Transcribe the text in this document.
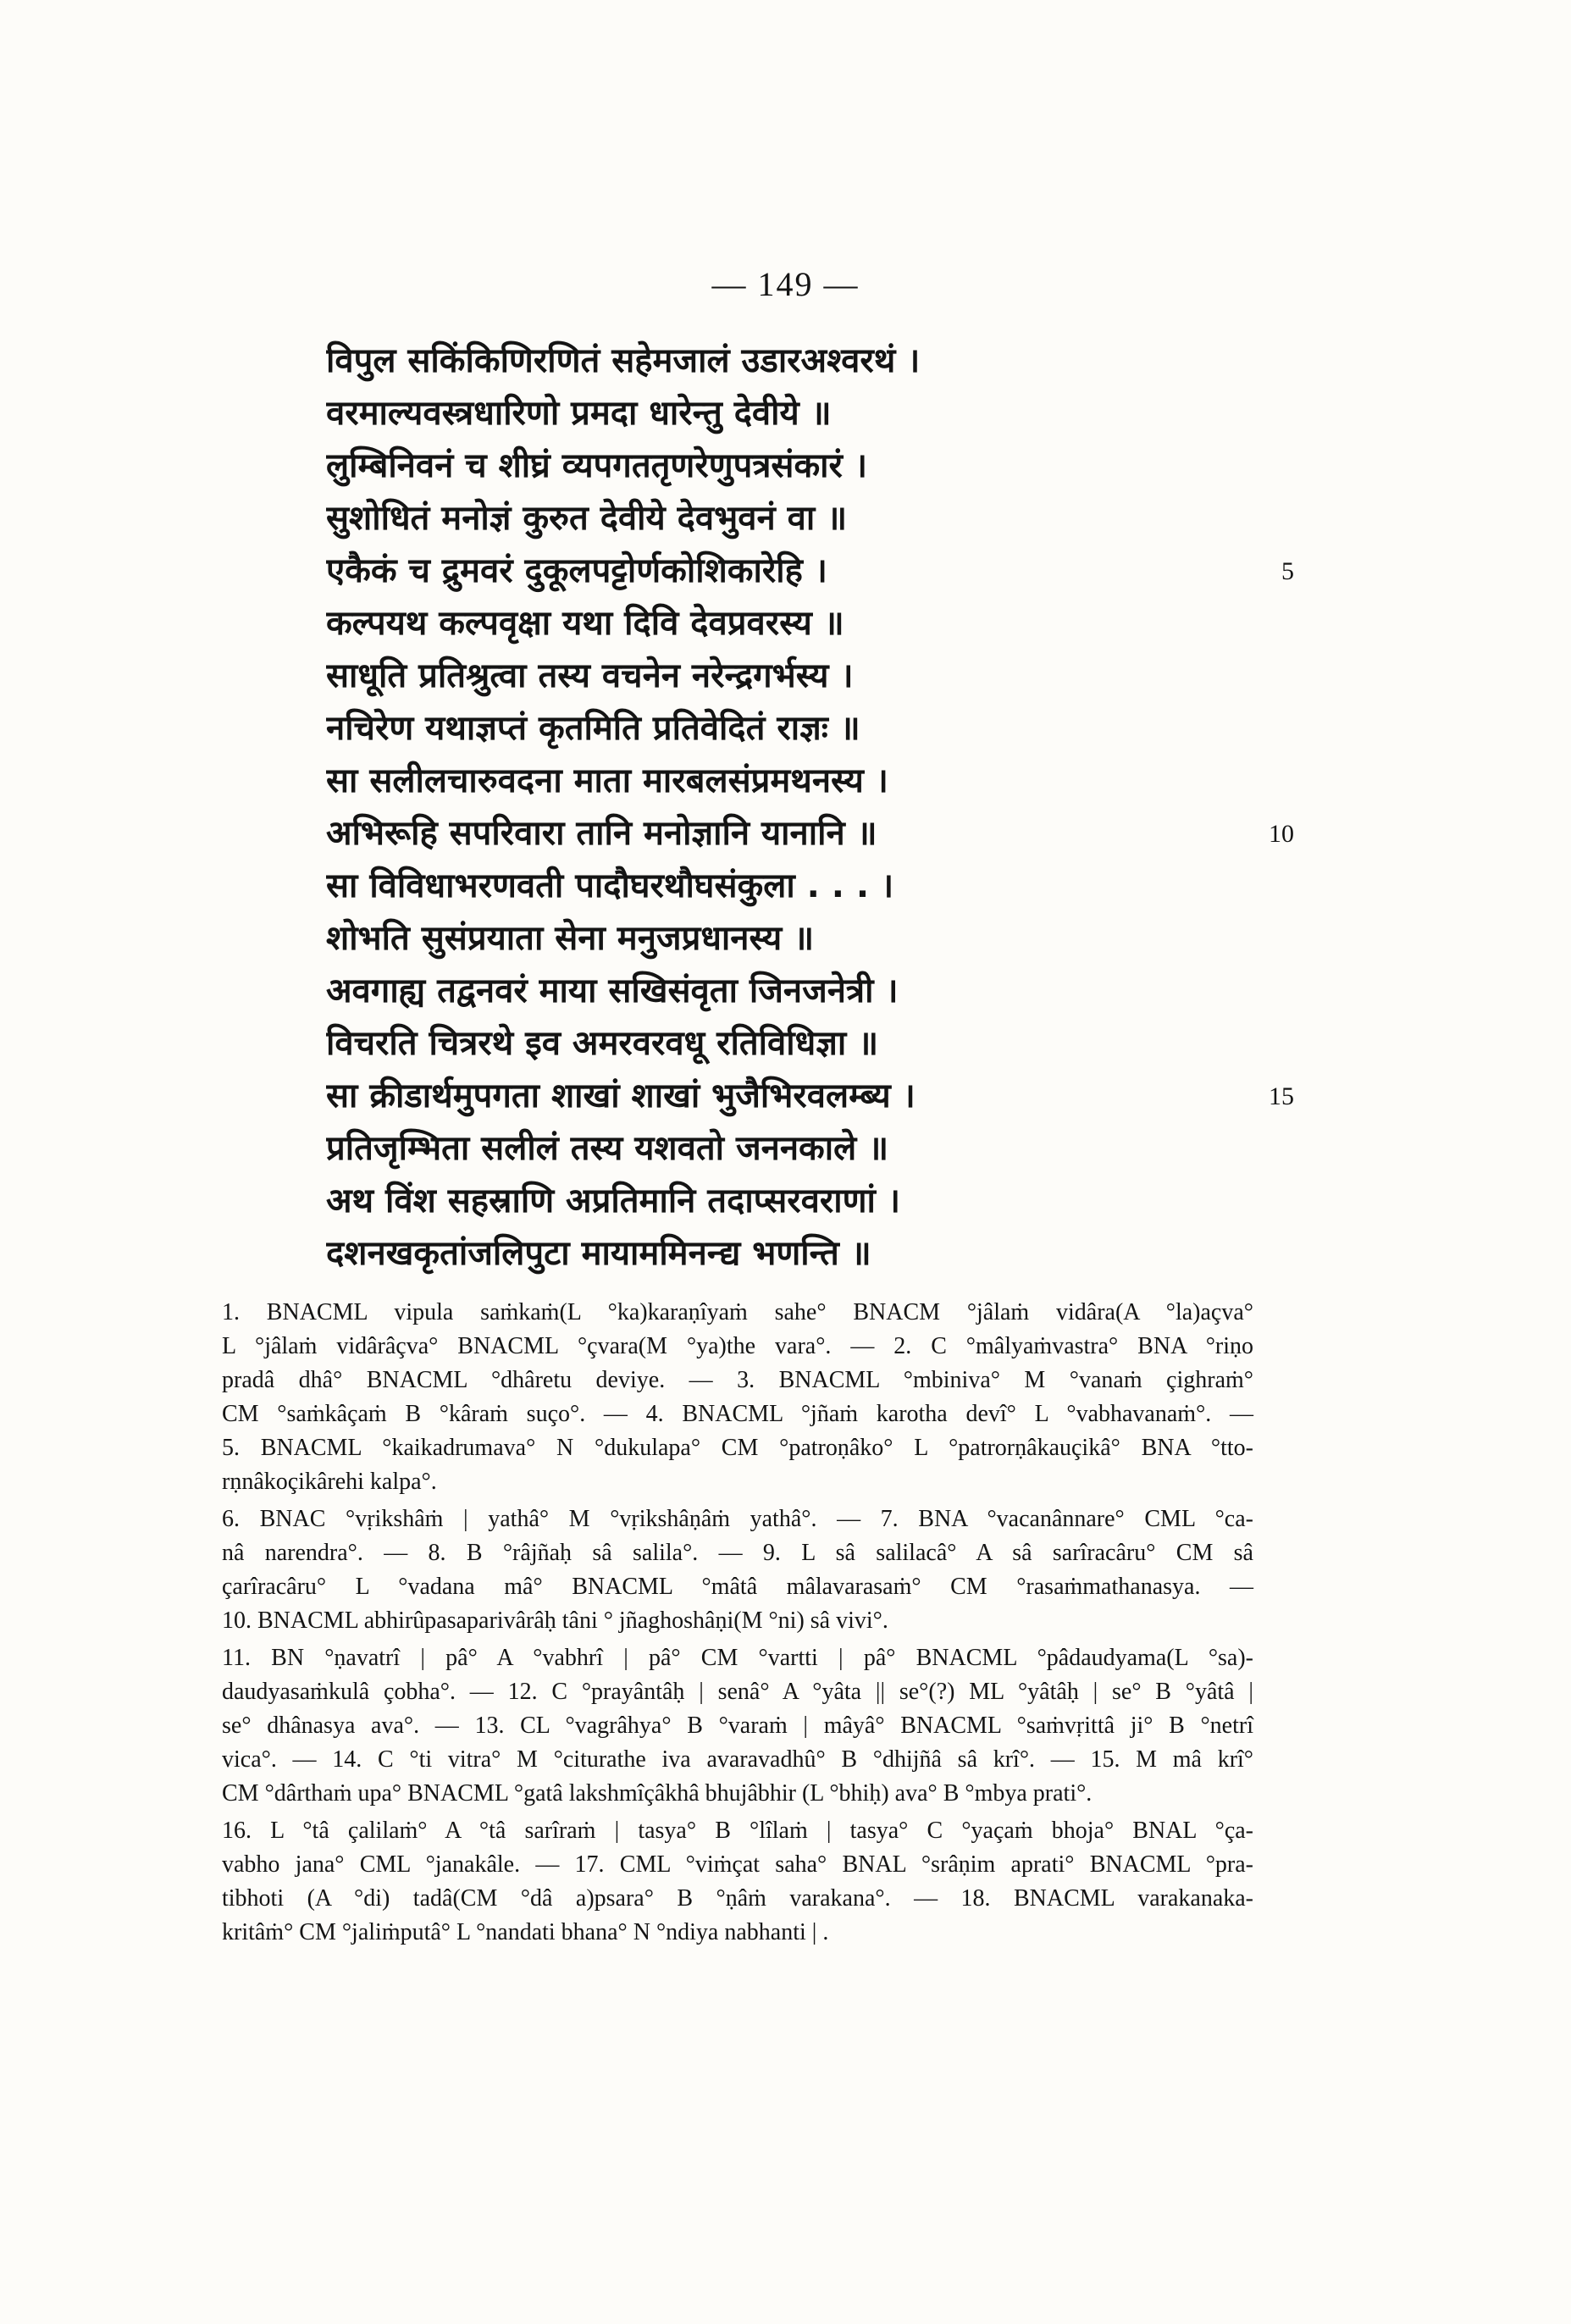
— 149 —
विपुल सकिंकिणिरणितं सहेमजालं उडारअश्वरथं ।
वरमाल्यवस्त्रधारिणो प्रमदा धारेन्तु देवीये ॥
लुम्बिनिवनं च शीघ्रं व्यपगततृणरेणुपत्रसंकारं ।
सुशोधितं मनोज्ञं कुरुत देवीये देवभुवनं वा ॥
एकैकं च द्रुमवरं दुकूलपट्टोर्णकोशिकारेहि ।
कल्पयथ कल्पवृक्षा यथा दिवि देवप्रवरस्य ॥
साधूति प्रतिश्रुत्वा तस्य वचनेन नरेन्द्रगर्भस्य ।
नचिरेण यथाज्ञप्तं कृतमिति प्रतिवेदितं राज्ञः ॥
सा सलीलचारुवदना माता मारबलसंप्रमथनस्य ।
अभिरूहि सपरिवारा तानि मनोज्ञानि यानानि ॥
सा विविधाभरणवती पादौघरथौघसंकुला . . . ।
शोभति सुसंप्रयाता सेना मनुजप्रधानस्य ॥
अवगाह्य तद्वनवरं माया सखिसंवृता जिनजनेत्री ।
विचरति चित्ररथे इव अमरवरवधू रतिविधिज्ञा ॥
सा क्रीडार्थमुपगता शाखां शाखां भुजैभिरवलम्ब्य ।
प्रतिजृम्भिता सलीलं तस्य यशवतो जननकाले ॥
अथ विंश सहस्राणि अप्रतिमानि तदाप्सरवराणां ।
दशनखकृतांजलिपुटा मायाममिनन्द्य भणन्ति ॥
5
10
15
1. BNACML vipula saṁkaṁ(L °ka)karaṇîyaṁ sahe° BNACM °jâlaṁ vidâra(A °la)açva°
L °jâlaṁ vidârâçva° BNACML °çvara(M °ya)the vara°. — 2. C °mâlyaṁvastra° BNA °riṇo
pradâ dhâ° BNACML °dhâretu deviye. — 3. BNACML °mbiniva° M °vanaṁ çighraṁ°
CM °saṁkâçaṁ B °kâraṁ suço°. — 4. BNACML °jñaṁ karotha devî° L °vabhavanaṁ°. —
5. BNACML °kaikadrumava° N °dukulapa° CM °patroṇâko° L °patrorṇâkauçikâ° BNA °tto-
rṇnâkoçikârehi kalpa°.
6. BNAC °vṛikshâṁ | yathâ° M °vṛikshâṇâṁ yathâ°. — 7. BNA °vacanânnare° CML °ca-
nâ narendra°. — 8. B °râjñaḥ sâ salila°. — 9. L sâ salilacâ° A sâ sarîracâru° CM sâ
çarîracâru° L °vadana mâ° BNACML °mâtâ mâlavarasaṁ° CM °rasaṁmathanasya. —
10. BNACML abhirûpasaparivârâḥ tâni ° jñaghoshâṇi(M °ni) sâ vivi°.
11. BN °ṇavatrî | pâ° A °vabhrî | pâ° CM °vartti | pâ° BNACML °pâdaudyama(L °sa)-
daudyasaṁkulâ çobha°. — 12. C °prayântâḥ | senâ° A °yâta || se°(?) ML °yâtâḥ | se° B °yâtâ |
se° dhânasya ava°. — 13. CL °vagrâhya° B °varaṁ | mâyâ° BNACML °saṁvṛittâ ji° B °netrî
vica°. — 14. C °ti vitra° M °citurathe iva avaravadhû° B °dhijñâ sâ krî°. — 15. M mâ krî°
CM °dârthaṁ upa° BNACML °gatâ lakshmîçâkhâ bhujâbhir (L °bhiḥ) ava° B °mbya prati°.
16. L °tâ çalilaṁ° A °tâ sarîraṁ | tasya° B °lîlaṁ | tasya° C °yaçaṁ bhoja° BNAL °ça-
vabho jana° CML °janakâle. — 17. CML °viṁçat saha° BNAL °srâṇim aprati° BNACML °pra-
tibhoti (A °di) tadâ(CM °dâ a)psara° B °ṇâṁ varakana°. — 18. BNACML varakanaka-
kritâṁ° CM °jaliṁputâ° L °nandati bhana° N °ndiya nabhanti | .
